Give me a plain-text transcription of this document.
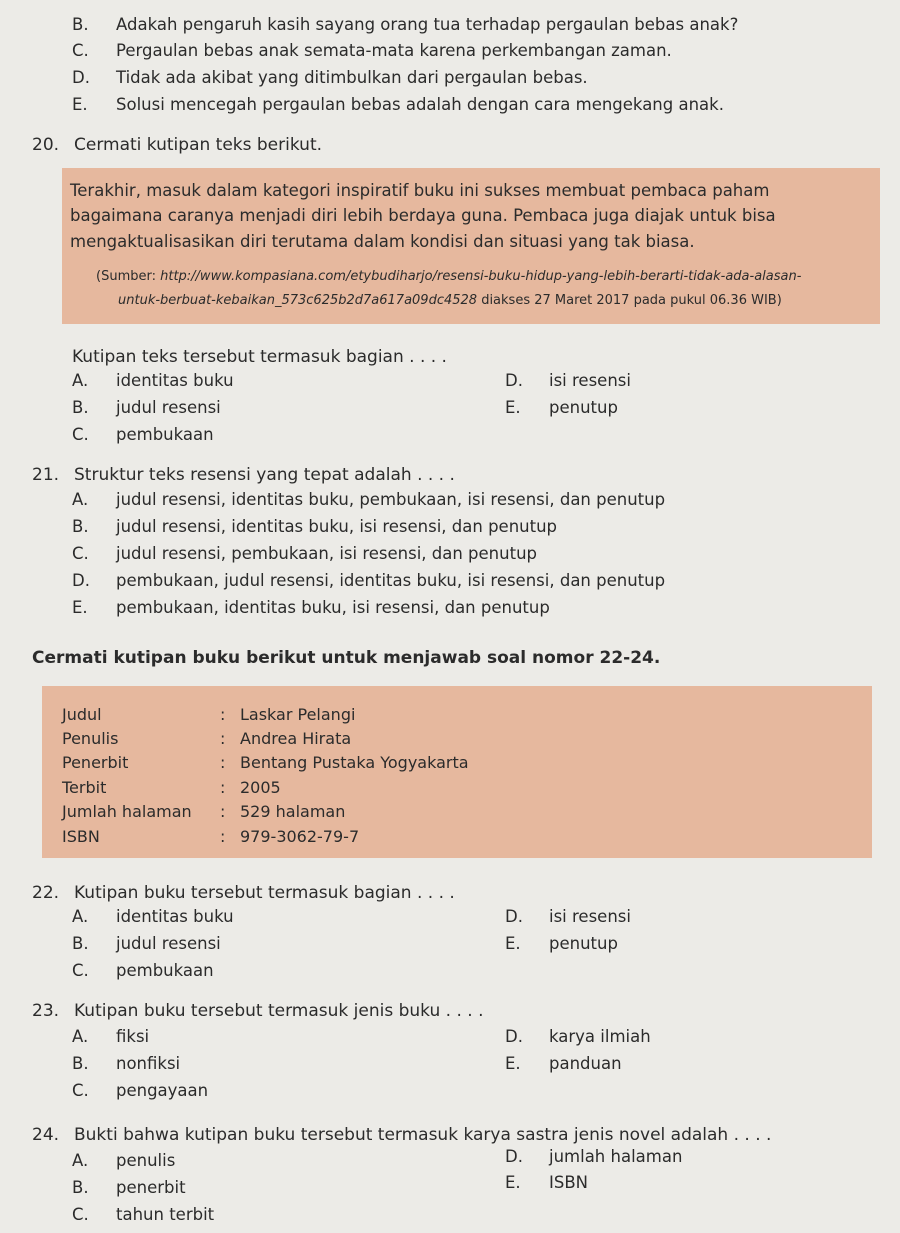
B. Adakah pengaruh kasih sayang orang tua terhadap pergaulan bebas anak?
C. Pergaulan bebas anak semata-mata karena perkembangan zaman.
D. Tidak ada akibat yang ditimbulkan dari pergaulan bebas.
E. Solusi mencegah pergaulan bebas adalah dengan cara mengekang anak.
20. Cermati kutipan teks berikut.
Terakhir, masuk dalam kategori inspiratif buku ini sukses membuat pembaca paham
bagaimana caranya menjadi diri lebih berdaya guna. Pembaca juga diajak untuk bisa
mengaktualisasikan diri terutama dalam kondisi dan situasi yang tak biasa.
(Sumber: http://www.kompasiana.com/etybudiharjo/resensi-buku-hidup-yang-lebih-berarti-tidak-ada-alasan-
untuk-berbuat-kebaikan_573c625b2d7a617a09dc4528 diakses 27 Maret 2017 pada pukul 06.36 WIB)
Kutipan teks tersebut termasuk bagian . . . .
A. identitas buku
B. judul resensi
C. pembukaan
D. isi resensi
E. penutup
21. Struktur teks resensi yang tepat adalah . . . .
A. judul resensi, identitas buku, pembukaan, isi resensi, dan penutup
B. judul resensi, identitas buku, isi resensi, dan penutup
C. judul resensi, pembukaan, isi resensi, dan penutup
D. pembukaan, judul resensi, identitas buku, isi resensi, dan penutup
E. pembukaan, identitas buku, isi resensi, dan penutup
Cermati kutipan buku berikut untuk menjawab soal nomor 22-24.
Judul	: Laskar Pelangi
Penulis	: Andrea Hirata
Penerbit	: Bentang Pustaka Yogyakarta
Terbit	: 2005
Jumlah halaman : 529 halaman
ISBN	: 979-3062-79-7
22. Kutipan buku tersebut termasuk bagian . . . .
A. identitas buku
B. judul resensi
C. pembukaan
D. isi resensi
E. penutup
23. Kutipan buku tersebut termasuk jenis buku . . . .
A. fiksi
B. nonfiksi
C. pengayaan
D. karya ilmiah
E. panduan
24. Bukti bahwa kutipan buku tersebut termasuk karya sastra jenis novel adalah . . . .
A. penulis
B. penerbit
C. tahun terbit
D. jumlah halaman
E. ISBN
